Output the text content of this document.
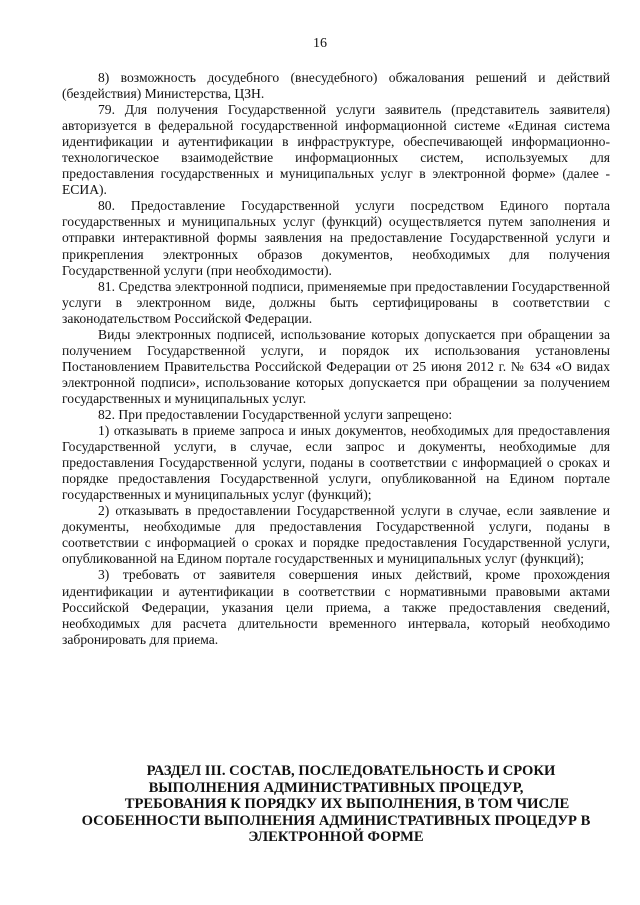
16

8) возможность досудебного (внесудебного) обжалования решений и действий (бездействия) Министерства, ЦЗН.

79. Для получения Государственной услуги заявитель (представитель заявителя) авторизуется в федеральной государственной информационной системе «Единая система идентификации и аутентификации в инфраструктуре, обеспечивающей информационно-технологическое взаимодействие информационных систем, используемых для предоставления государственных и муниципальных услуг в электронной форме» (далее - ЕСИА).

80. Предоставление Государственной услуги посредством Единого портала государственных и муниципальных услуг (функций) осуществляется путем заполнения и отправки интерактивной формы заявления на предоставление Государственной услуги и прикрепления электронных образов документов, необходимых для получения Государственной услуги (при необходимости).

81. Средства электронной подписи, применяемые при предоставлении Государственной услуги в электронном виде, должны быть сертифицированы в соответствии с законодательством Российской Федерации.

Виды электронных подписей, использование которых допускается при обращении за получением Государственной услуги, и порядок их использования установлены Постановлением Правительства Российской Федерации от 25 июня 2012 г. № 634 «О видах электронной подписи», использование которых допускается при обращении за получением государственных и муниципальных услуг.

82. При предоставлении Государственной услуги запрещено:

1) отказывать в приеме запроса и иных документов, необходимых для предоставления Государственной услуги, в случае, если запрос и документы, необходимые для предоставления Государственной услуги, поданы в соответствии с информацией о сроках и порядке предоставления Государственной услуги, опубликованной на Едином портале государственных и муниципальных услуг (функций);

2) отказывать в предоставлении Государственной услуги в случае, если заявление и документы, необходимые для предоставления Государственной услуги, поданы в соответствии с информацией о сроках и порядке предоставления Государственной услуги, опубликованной на Едином портале государственных и муниципальных услуг (функций);

3) требовать от заявителя совершения иных действий, кроме прохождения идентификации и аутентификации в соответствии с нормативными правовыми актами Российской Федерации, указания цели приема, а также предоставления сведений, необходимых для расчета длительности временного интервала, который необходимо забронировать для приема.

РАЗДЕЛ III. СОСТАВ, ПОСЛЕДОВАТЕЛЬНОСТЬ И СРОКИ
ВЫПОЛНЕНИЯ АДМИНИСТРАТИВНЫХ ПРОЦЕДУР,
ТРЕБОВАНИЯ К ПОРЯДКУ ИХ ВЫПОЛНЕНИЯ, В ТОМ ЧИСЛЕ
ОСОБЕННОСТИ ВЫПОЛНЕНИЯ АДМИНИСТРАТИВНЫХ ПРОЦЕДУР В
ЭЛЕКТРОННОЙ ФОРМЕ
